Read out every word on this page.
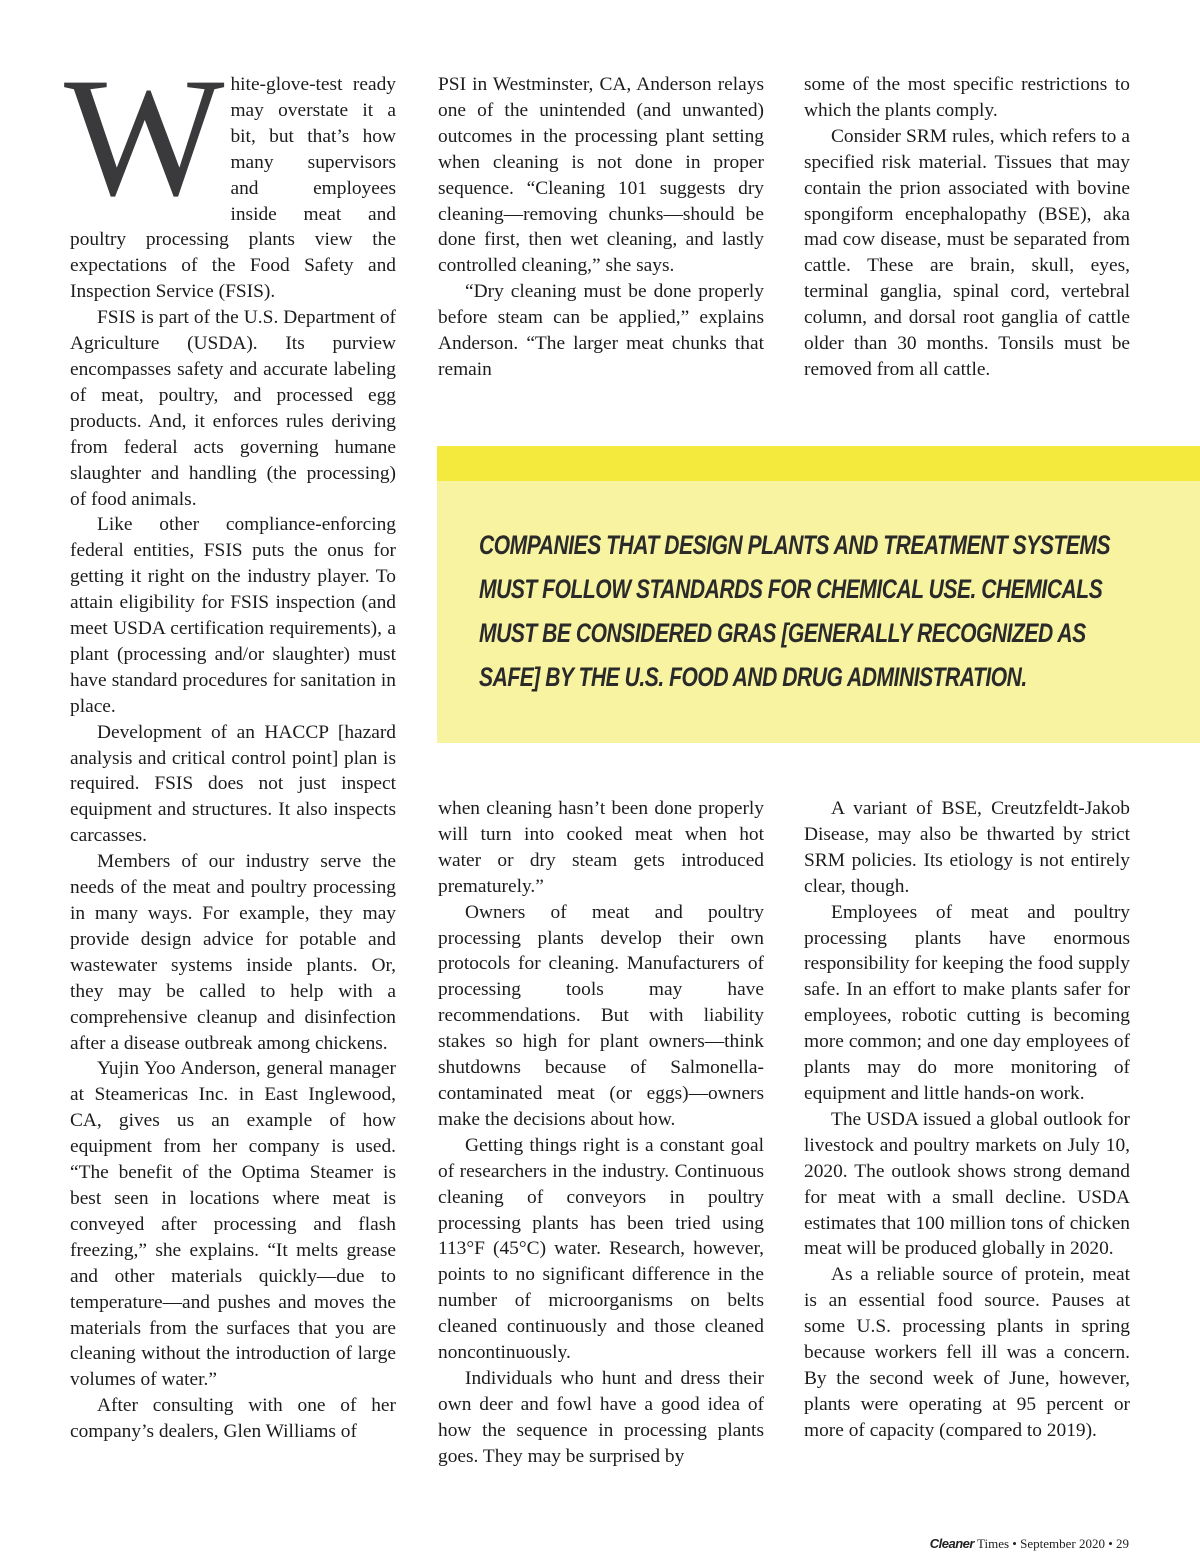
W hite-glove-test ready may overstate it a bit, but that’s how many supervisors and employees inside meat and poultry processing plants view the expectations of the Food Safety and Inspection Service (FSIS).

FSIS is part of the U.S. Department of Agriculture (USDA). Its purview encompasses safety and accurate labeling of meat, poultry, and processed egg products. And, it enforces rules deriving from federal acts governing humane slaughter and handling (the processing) of food animals.

Like other compliance-enforcing federal entities, FSIS puts the onus for getting it right on the industry player. To attain eligibility for FSIS inspection (and meet USDA certification requirements), a plant (processing and/or slaughter) must have standard procedures for sanitation in place.

Development of an HACCP [hazard analysis and critical control point] plan is required. FSIS does not just inspect equipment and structures. It also inspects carcasses.

Members of our industry serve the needs of the meat and poultry processing in many ways. For example, they may provide design advice for potable and wastewater systems inside plants. Or, they may be called to help with a comprehensive cleanup and disinfection after a disease outbreak among chickens.

Yujin Yoo Anderson, general manager at Steamericas Inc. in East Inglewood, CA, gives us an example of how equipment from her company is used. “The benefit of the Optima Steamer is best seen in locations where meat is conveyed after processing and flash freezing,” she explains. “It melts grease and other materials quickly—due to temperature—and pushes and moves the materials from the surfaces that you are cleaning without the introduction of large volumes of water.”

After consulting with one of her company’s dealers, Glen Williams of

PSI in Westminster, CA, Anderson relays one of the unintended (and unwanted) outcomes in the processing plant setting when cleaning is not done in proper sequence. “Cleaning 101 suggests dry cleaning—removing chunks—should be done first, then wet cleaning, and lastly controlled cleaning,” she says.

“Dry cleaning must be done properly before steam can be applied,” explains Anderson. “The larger meat chunks that remain

some of the most specific restrictions to which the plants comply.

Consider SRM rules, which refers to a specified risk material. Tissues that may contain the prion associated with bovine spongiform encephalopathy (BSE), aka mad cow disease, must be separated from cattle. These are brain, skull, eyes, terminal ganglia, spinal cord, vertebral column, and dorsal root ganglia of cattle older than 30 months. Tonsils must be removed from all cattle.

COMPANIES THAT DESIGN PLANTS AND TREATMENT SYSTEMS
MUST FOLLOW STANDARDS FOR CHEMICAL USE. CHEMICALS
MUST BE CONSIDERED GRAS [GENERALLY RECOGNIZED AS
SAFE] BY THE U.S. FOOD AND DRUG ADMINISTRATION.

when cleaning hasn’t been done properly will turn into cooked meat when hot water or dry steam gets introduced prematurely.”

Owners of meat and poultry processing plants develop their own protocols for cleaning. Manufacturers of processing tools may have recommendations. But with liability stakes so high for plant owners—think shutdowns because of Salmonella-contaminated meat (or eggs)—owners make the decisions about how.

Getting things right is a constant goal of researchers in the industry. Continuous cleaning of conveyors in poultry processing plants has been tried using 113°F (45°C) water. Research, however, points to no significant difference in the number of microorganisms on belts cleaned continuously and those cleaned noncontinuously.

Individuals who hunt and dress their own deer and fowl have a good idea of how the sequence in processing plants goes. They may be surprised by

A variant of BSE, Creutzfeldt-Jakob Disease, may also be thwarted by strict SRM policies. Its etiology is not entirely clear, though.

Employees of meat and poultry processing plants have enormous responsibility for keeping the food supply safe. In an effort to make plants safer for employees, robotic cutting is becoming more common; and one day employees of plants may do more monitoring of equipment and little hands-on work.

The USDA issued a global outlook for livestock and poultry markets on July 10, 2020. The outlook shows strong demand for meat with a small decline. USDA estimates that 100 million tons of chicken meat will be produced globally in 2020.

As a reliable source of protein, meat is an essential food source. Pauses at some U.S. processing plants in spring because workers fell ill was a concern. By the second week of June, however, plants were operating at 95 percent or more of capacity (compared to 2019).

Cleaner Times • September 2020 • 29
